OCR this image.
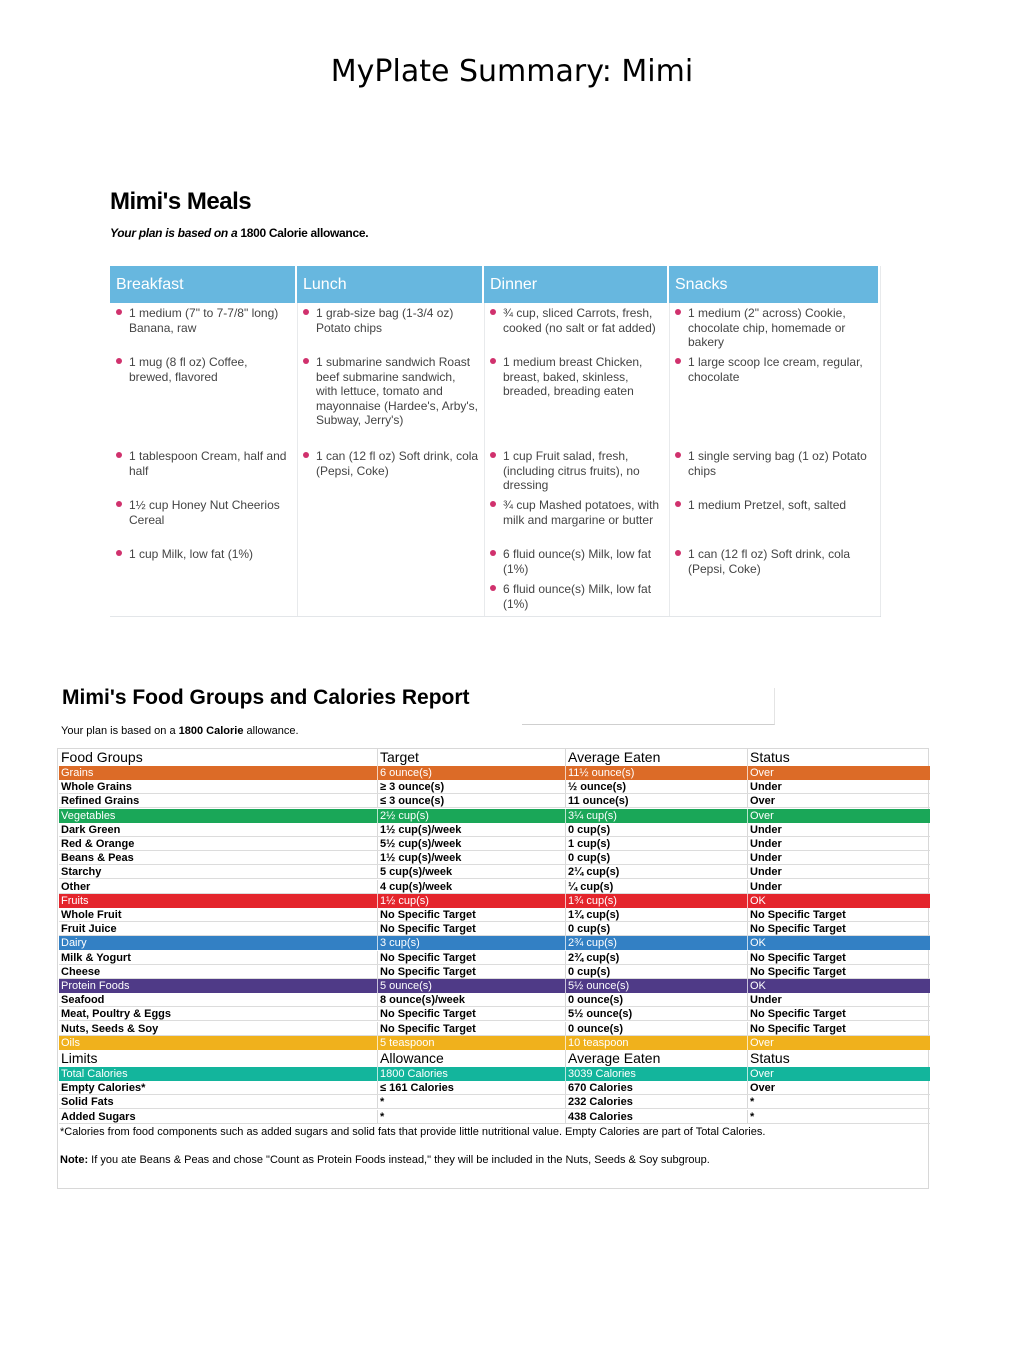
MyPlate Summary: Mimi
Mimi's Meals
Your plan is based on a 1800 Calorie allowance.
Breakfast
1 medium (7" to 7-7/8" long) Banana, raw
1 mug (8 fl oz) Coffee, brewed, flavored
1 tablespoon Cream, half and half
1½ cup Honey Nut Cheerios Cereal
1 cup Milk, low fat (1%)
Lunch
1 grab-size bag (1-3/4 oz) Potato chips
1 submarine sandwich Roast beef submarine sandwich, with lettuce, tomato and mayonnaise (Hardee's, Arby's, Subway, Jerry's)
1 can (12 fl oz) Soft drink, cola (Pepsi, Coke)
Dinner
¾ cup, sliced Carrots, fresh, cooked (no salt or fat added)
1 medium breast Chicken, breast, baked, skinless, breaded, breading eaten
1 cup Fruit salad, fresh, (including citrus fruits), no dressing
¾ cup Mashed potatoes, with milk and margarine or butter
6 fluid ounce(s) Milk, low fat (1%)
6 fluid ounce(s) Milk, low fat (1%)
Snacks
1 medium (2" across) Cookie, chocolate chip, homemade or bakery
1 large scoop Ice cream, regular, chocolate
1 single serving bag (1 oz) Potato chips
1 medium Pretzel, soft, salted
1 can (12 fl oz) Soft drink, cola (Pepsi, Coke)
Mimi's Food Groups and Calories Report
Your plan is based on a 1800 Calorie allowance.
Food Groups	Target	Average Eaten	Status
Grains	6 ounce(s)	11½ ounce(s)	Over
Whole Grains	≥ 3 ounce(s)	½ ounce(s)	Under
Refined Grains	≤ 3 ounce(s)	11 ounce(s)	Over
Vegetables	2½ cup(s)	3¼ cup(s)	Over
Dark Green	1½ cup(s)/week	0 cup(s)	Under
Red & Orange	5½ cup(s)/week	1 cup(s)	Under
Beans & Peas	1½ cup(s)/week	0 cup(s)	Under
Starchy	5 cup(s)/week	2¼ cup(s)	Under
Other	4 cup(s)/week	¼ cup(s)	Under
Fruits	1½ cup(s)	1¾ cup(s)	OK
Whole Fruit	No Specific Target	1¾ cup(s)	No Specific Target
Fruit Juice	No Specific Target	0 cup(s)	No Specific Target
Dairy	3 cup(s)	2¾ cup(s)	OK
Milk & Yogurt	No Specific Target	2¾ cup(s)	No Specific Target
Cheese	No Specific Target	0 cup(s)	No Specific Target
Protein Foods	5 ounce(s)	5½ ounce(s)	OK
Seafood	8 ounce(s)/week	0 ounce(s)	Under
Meat, Poultry & Eggs	No Specific Target	5½ ounce(s)	No Specific Target
Nuts, Seeds & Soy	No Specific Target	0 ounce(s)	No Specific Target
Oils	5 teaspoon	10 teaspoon	Over
Limits	Allowance	Average Eaten	Status
Total Calories	1800 Calories	3039 Calories	Over
Empty Calories*	≤ 161 Calories	670 Calories	Over
Solid Fats	*	232 Calories	*
Added Sugars	*	438 Calories	*
*Calories from food components such as added sugars and solid fats that provide little nutritional value. Empty Calories are part of Total Calories.
Note: If you ate Beans & Peas and chose "Count as Protein Foods instead," they will be included in the Nuts, Seeds & Soy subgroup.
